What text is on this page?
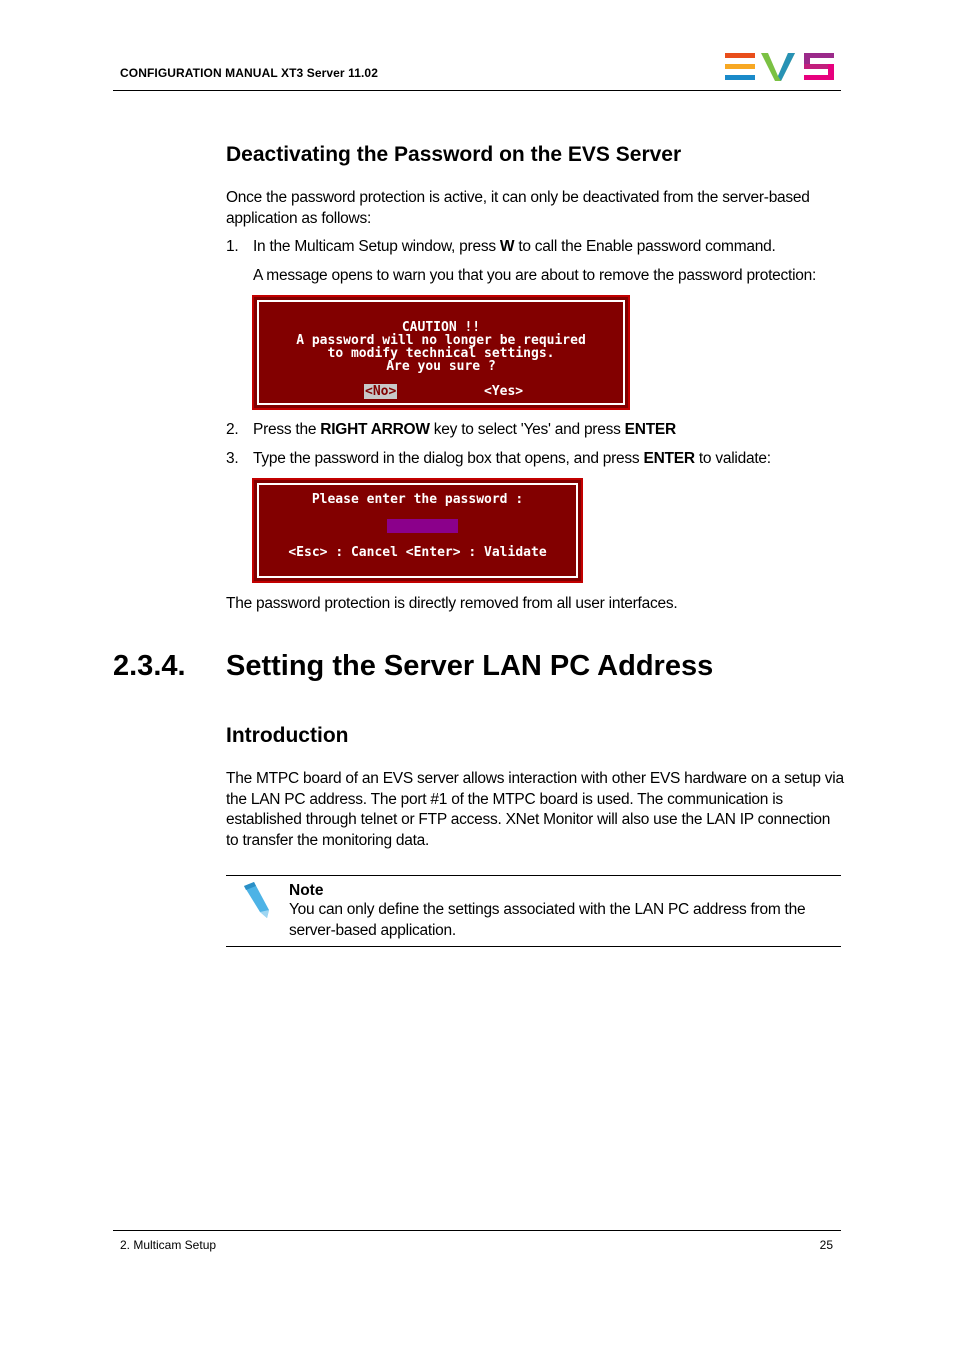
CONFIGURATION MANUAL XT3 Server 11.02
Deactivating the Password on the EVS Server

Once the password protection is active, it can only be deactivated from the server-based application as follows:

1. In the Multicam Setup window, press W to call the Enable password command.
A message opens to warn you that you are about to remove the password protection:
CAUTION !!
A password will no longer be required
to modify technical settings.
Are you sure ?
<No>	<Yes>
2. Press the RIGHT ARROW key to select 'Yes' and press ENTER
3. Type the password in the dialog box that opens, and press ENTER to validate:
Please enter the password :
<Esc> : Cancel <Enter> : Validate

The password protection is directly removed from all user interfaces.

2.3.4. Setting the Server LAN PC Address
Introduction

The MTPC board of an EVS server allows interaction with other EVS hardware on a setup via the LAN PC address. The port #1 of the MTPC board is used. The communication is established through telnet or FTP access. XNet Monitor will also use the LAN IP connection to transfer the monitoring data.

Note

You can only define the settings associated with the LAN PC address from the server-based application.

2. Multicam Setup	25
